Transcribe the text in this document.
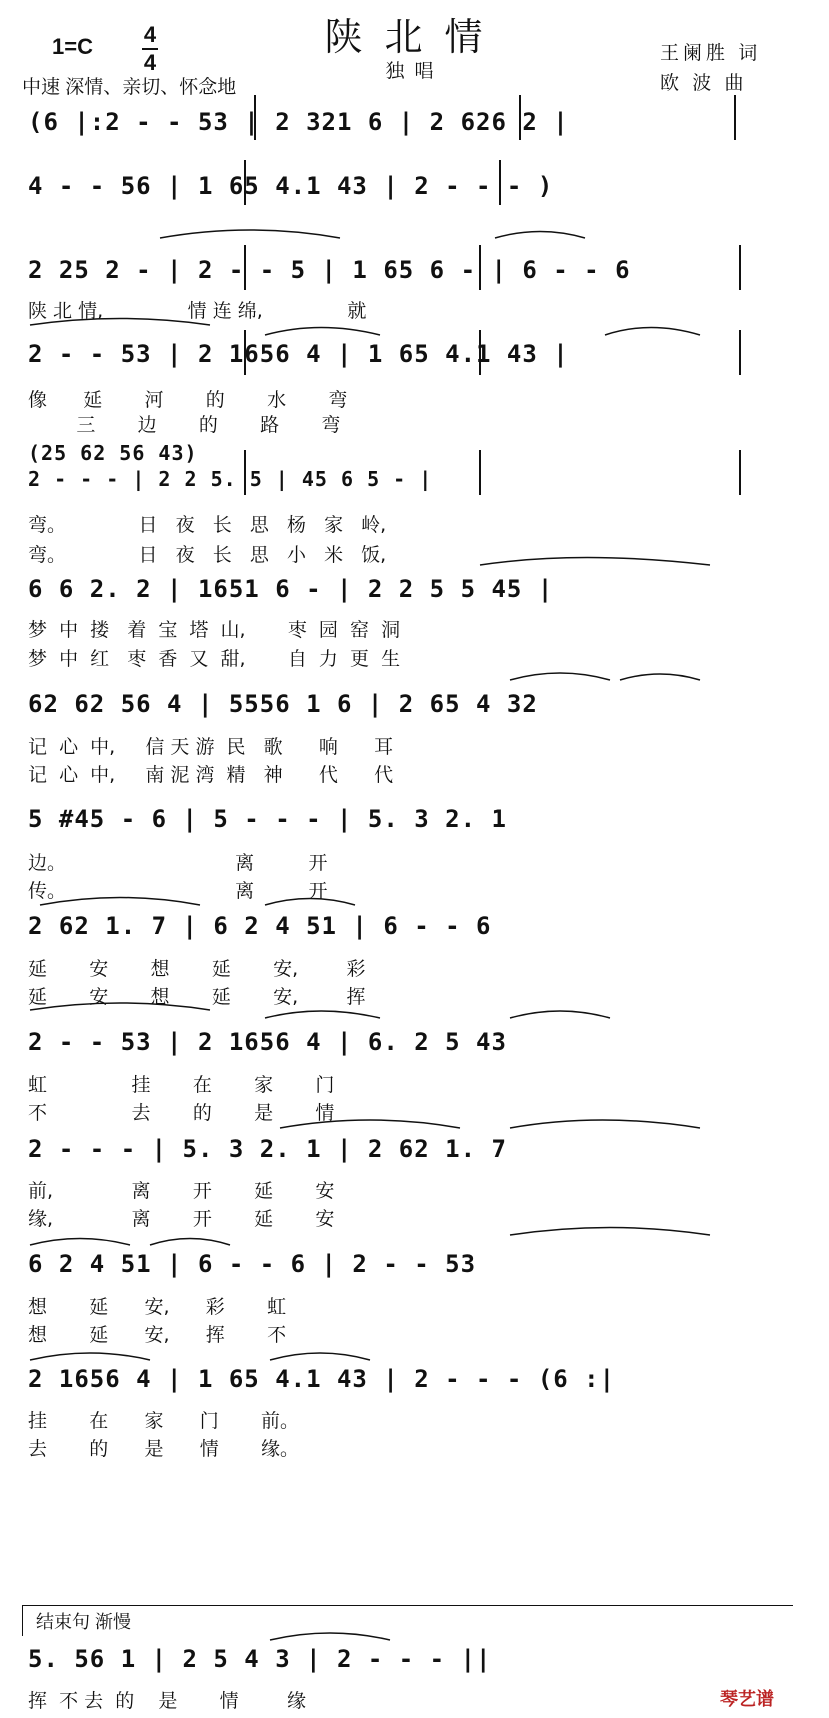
陕北情
独唱
1=C 4
4
中速 深情、亲切、怀念地
王阑胜 词
欧 波 曲
(6 |:2 - - 53 | 2 321 6 | 2 626 2 |
4 - - 56 | 1 65 4.1 43 | 2 - - - )
2 25 2 - | 2 - - 5 | 1 65 6 - | 6 - - 6
陕 北 情,              情 连 绵,              就
2 - - 53 | 2 1656 4 | 1 65 4.1 43 |
像      延       河       的       水       弯
三       边       的       路       弯
(25 62 56 43)
2 - - - | 2 2 5. 5 | 45 6 5 - |
弯。            日   夜   长   思   杨   家   岭,
弯。            日   夜   长   思   小   米   饭,
6 6 2. 2 | 1651 6 - | 2 2 5 5 45 |
梦  中  搂   着  宝  塔  山,       枣  园  窑  洞
梦  中  红   枣  香  又  甜,       自  力  更  生
62 62 56 4 | 5556 1 6 | 2 65 4 32
记  心  中,     信 天 游  民   歌      响      耳
记  心  中,     南 泥 湾  精   神      代      代
5 #45 - 6 | 5 - - - | 5. 3 2. 1
边。                            离         开
传。                            离         开
2 62 1. 7 | 6 2 4 51 | 6 - - 6
延       安       想       延       安,        彩
延       安       想       延       安,        挥
2 - - 53 | 2 1656 4 | 6. 2 5 43
虹              挂       在       家       门
不              去       的       是       情
2 - - - | 5. 3 2. 1 | 2 62 1. 7
前,             离       开       延       安
缘,             离       开       延       安
6 2 4 51 | 6 - - 6 | 2 - - 53
想       延      安,      彩       虹
想       延      安,      挥       不
2 1656 4 | 1 65 4.1 43 | 2 - - - (6 :|
挂       在      家      门       前。
去       的      是      情       缘。
结束句 渐慢
5. 56 1 | 2 5 4 3 | 2 - - - ||
挥  不 去  的    是       情        缘	琴艺谱
